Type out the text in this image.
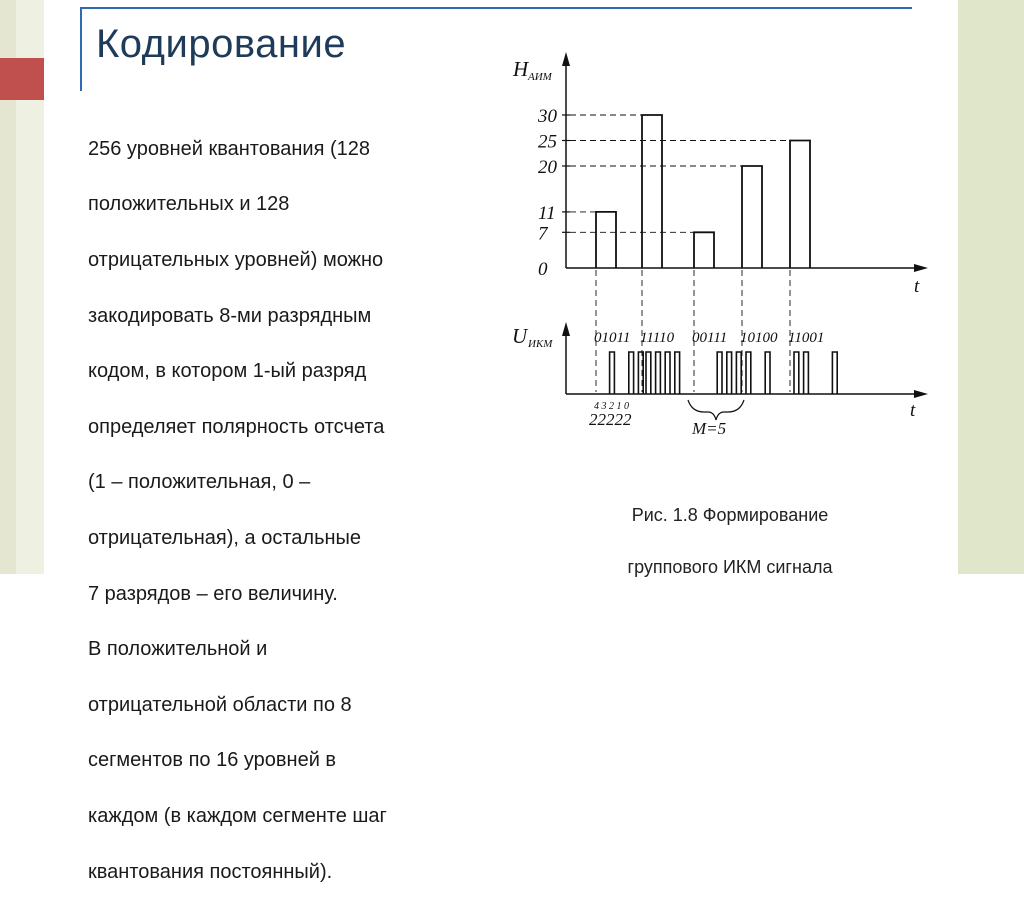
Кодирование

256 уровней квантования (128

положительных и 128

отрицательных уровней) можно

закодировать 8-ми разрядным

кодом, в котором 1-ый разряд

определяет полярность отсчета

(1 – положительная, 0 –

отрицательная), а остальные

7 разрядов – его величину.

В положительной и

отрицательной области по 8

сегментов по 16 уровней в

каждом (в каждом сегменте шаг

квантования постоянный).

Рис. 1.8 Формирование

группового ИКМ сигнала

H АИМ
t
0
7
11
20
25
30
U ИКМ
t
01011 11110 00111 10100 11001
43210
22222	M=5
